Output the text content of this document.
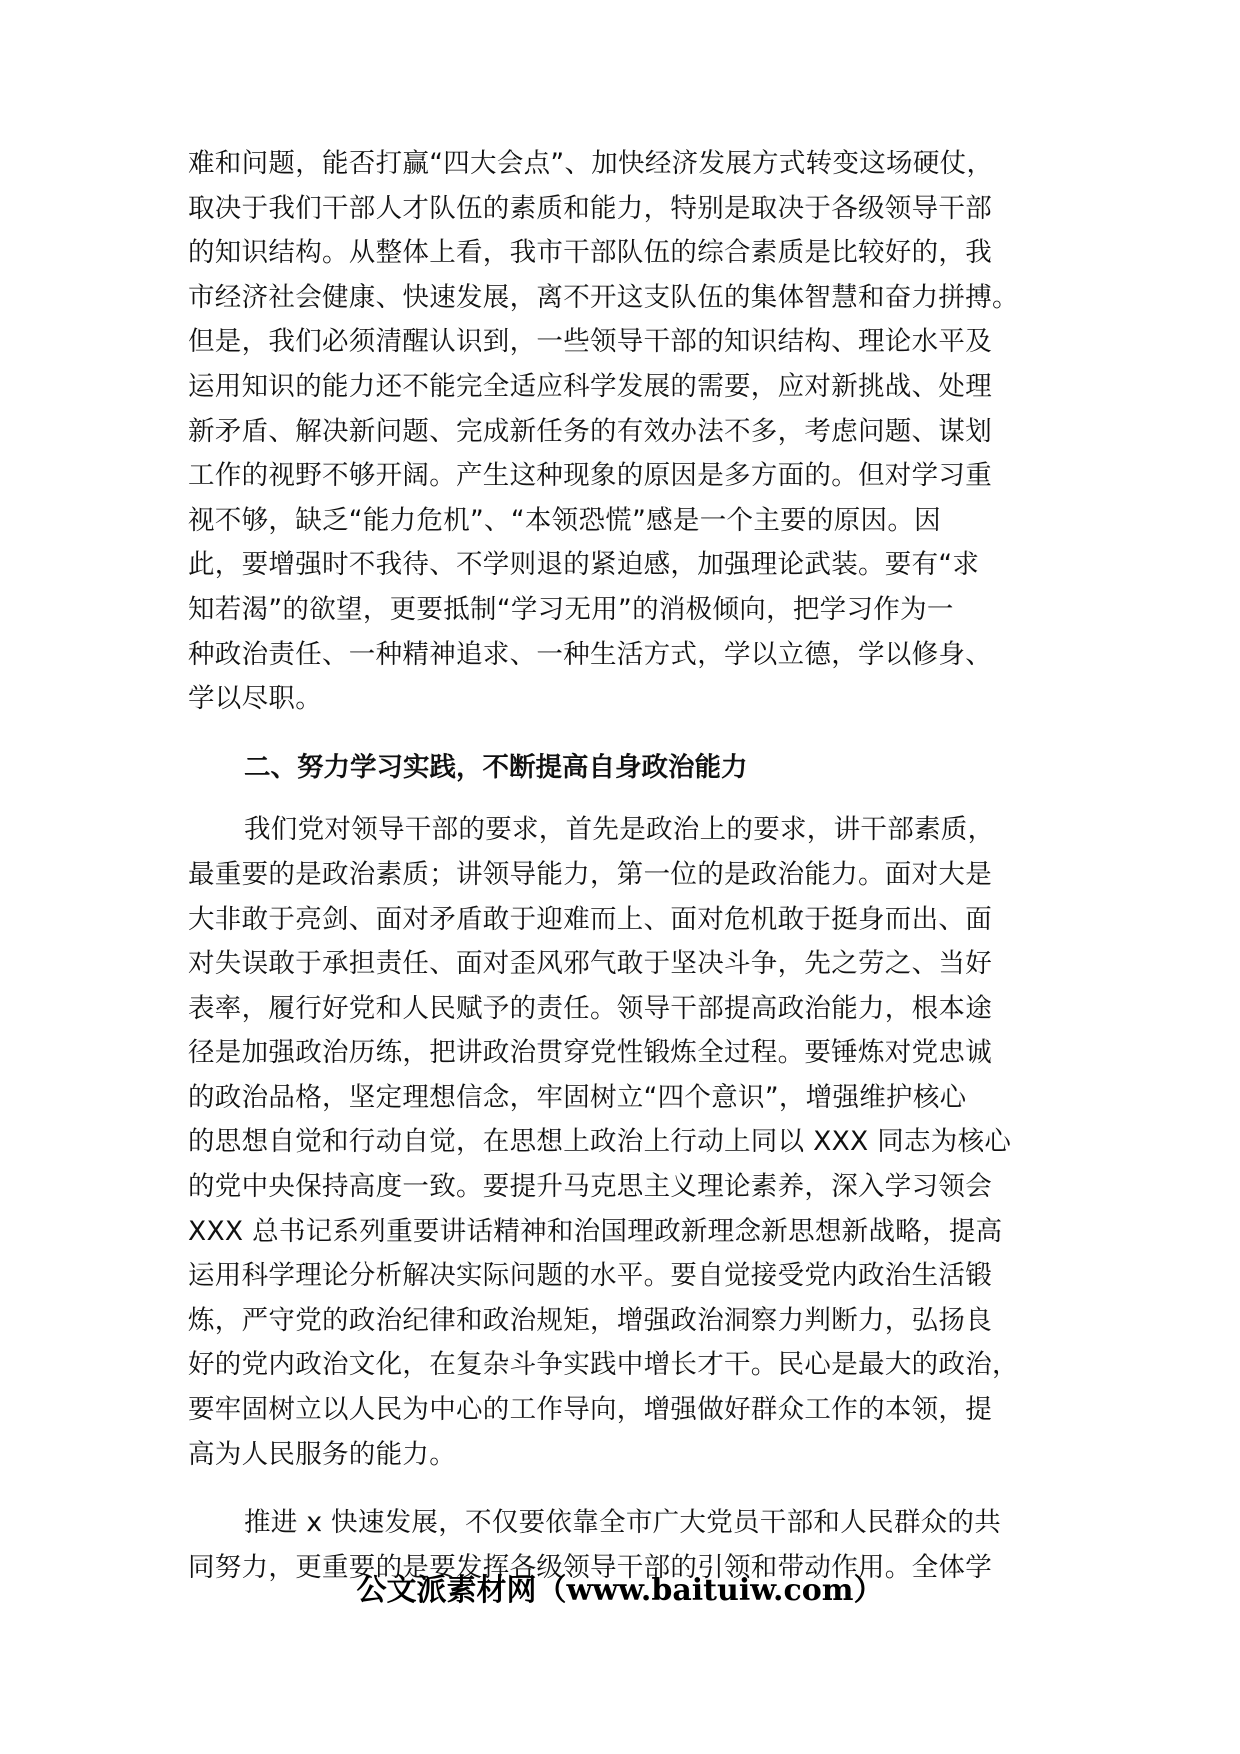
难和问题，能否打赢“四大会点”、加快经济发展方式转变这场硬仗，
取决于我们干部人才队伍的素质和能力，特别是取决于各级领导干部
的知识结构。从整体上看，我市干部队伍的综合素质是比较好的，我
市经济社会健康、快速发展，离不开这支队伍的集体智慧和奋力拼搏。
但是，我们必须清醒认识到，一些领导干部的知识结构、理论水平及
运用知识的能力还不能完全适应科学发展的需要，应对新挑战、处理
新矛盾、解决新问题、完成新任务的有效办法不多，考虑问题、谋划
工作的视野不够开阔。产生这种现象的原因是多方面的。但对学习重
视不够，缺乏“能力危机”、“本领恐慌”感是一个主要的原因。因
此，要增强时不我待、不学则退的紧迫感，加强理论武装。要有“求
知若渴”的欲望，更要抵制“学习无用”的消极倾向，把学习作为一
种政治责任、一种精神追求、一种生活方式，学以立德，学以修身、
学以尽职。

二、努力学习实践，不断提高自身政治能力

我们党对领导干部的要求，首先是政治上的要求，讲干部素质，
最重要的是政治素质；讲领导能力，第一位的是政治能力。面对大是
大非敢于亮剑、面对矛盾敢于迎难而上、面对危机敢于挺身而出、面
对失误敢于承担责任、面对歪风邪气敢于坚决斗争，先之劳之、当好
表率，履行好党和人民赋予的责任。领导干部提高政治能力，根本途
径是加强政治历练，把讲政治贯穿党性锻炼全过程。要锤炼对党忠诚
的政治品格，坚定理想信念，牢固树立“四个意识”，增强维护核心
的思想自觉和行动自觉，在思想上政治上行动上同以 XXX 同志为核心
的党中央保持高度一致。要提升马克思主义理论素养，深入学习领会
XXX 总书记系列重要讲话精神和治国理政新理念新思想新战略，提高
运用科学理论分析解决实际问题的水平。要自觉接受党内政治生活锻
炼，严守党的政治纪律和政治规矩，增强政治洞察力判断力，弘扬良
好的党内政治文化，在复杂斗争实践中增长才干。民心是最大的政治，
要牢固树立以人民为中心的工作导向，增强做好群众工作的本领，提
高为人民服务的能力。

推进 x 快速发展，不仅要依靠全市广大党员干部和人民群众的共
同努力，更重要的是要发挥各级领导干部的引领和带动作用。全体学

公文派素材网（www.baituiw.com）
